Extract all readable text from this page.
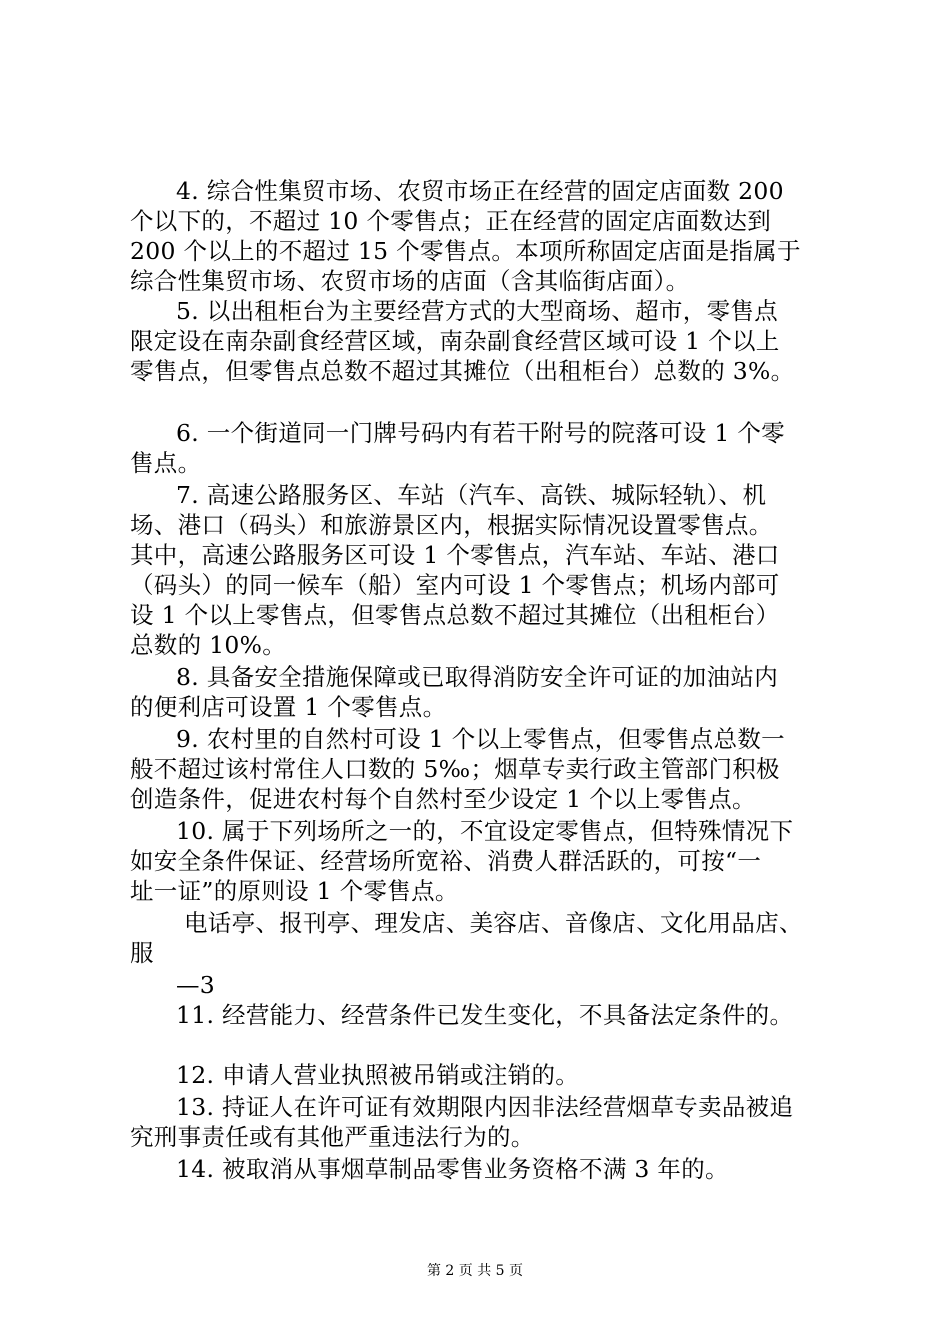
4. 综合性集贸市场、农贸市场正在经营的固定店面数 200
个以下的，不超过 10 个零售点；正在经营的固定店面数达到
200 个以上的不超过 15 个零售点。本项所称固定店面是指属于
综合性集贸市场、农贸市场的店面（含其临街店面）。
5. 以出租柜台为主要经营方式的大型商场、超市，零售点
限定设在南杂副食经营区域，南杂副食经营区域可设 1 个以上
零售点，但零售点总数不超过其摊位（出租柜台）总数的 3%。
6. 一个街道同一门牌号码内有若干附号的院落可设 1 个零
售点。
7. 高速公路服务区、车站（汽车、高铁、城际轻轨）、机
场、港口（码头）和旅游景区内，根据实际情况设置零售点。
其中，高速公路服务区可设 1 个零售点，汽车站、车站、港口
（码头）的同一候车（船）室内可设 1 个零售点；机场内部可
设 1 个以上零售点，但零售点总数不超过其摊位（出租柜台）
总数的 10%。
8. 具备安全措施保障或已取得消防安全许可证的加油站内
的便利店可设置 1 个零售点。
9. 农村里的自然村可设 1 个以上零售点，但零售点总数一
般不超过该村常住人口数的 5‰；烟草专卖行政主管部门积极
创造条件，促进农村每个自然村至少设定 1 个以上零售点。
10. 属于下列场所之一的，不宜设定零售点，但特殊情况下
如安全条件保证、经营场所宽裕、消费人群活跃的，可按“一
址一证”的原则设 1 个零售点。
电话亭、报刊亭、理发店、美容店、音像店、文化用品店、
服
—3
11. 经营能力、经营条件已发生变化，不具备法定条件的。
12. 申请人营业执照被吊销或注销的。
13. 持证人在许可证有效期限内因非法经营烟草专卖品被追
究刑事责任或有其他严重违法行为的。
14. 被取消从事烟草制品零售业务资格不满 3 年的。
第 2 页 共 5 页
